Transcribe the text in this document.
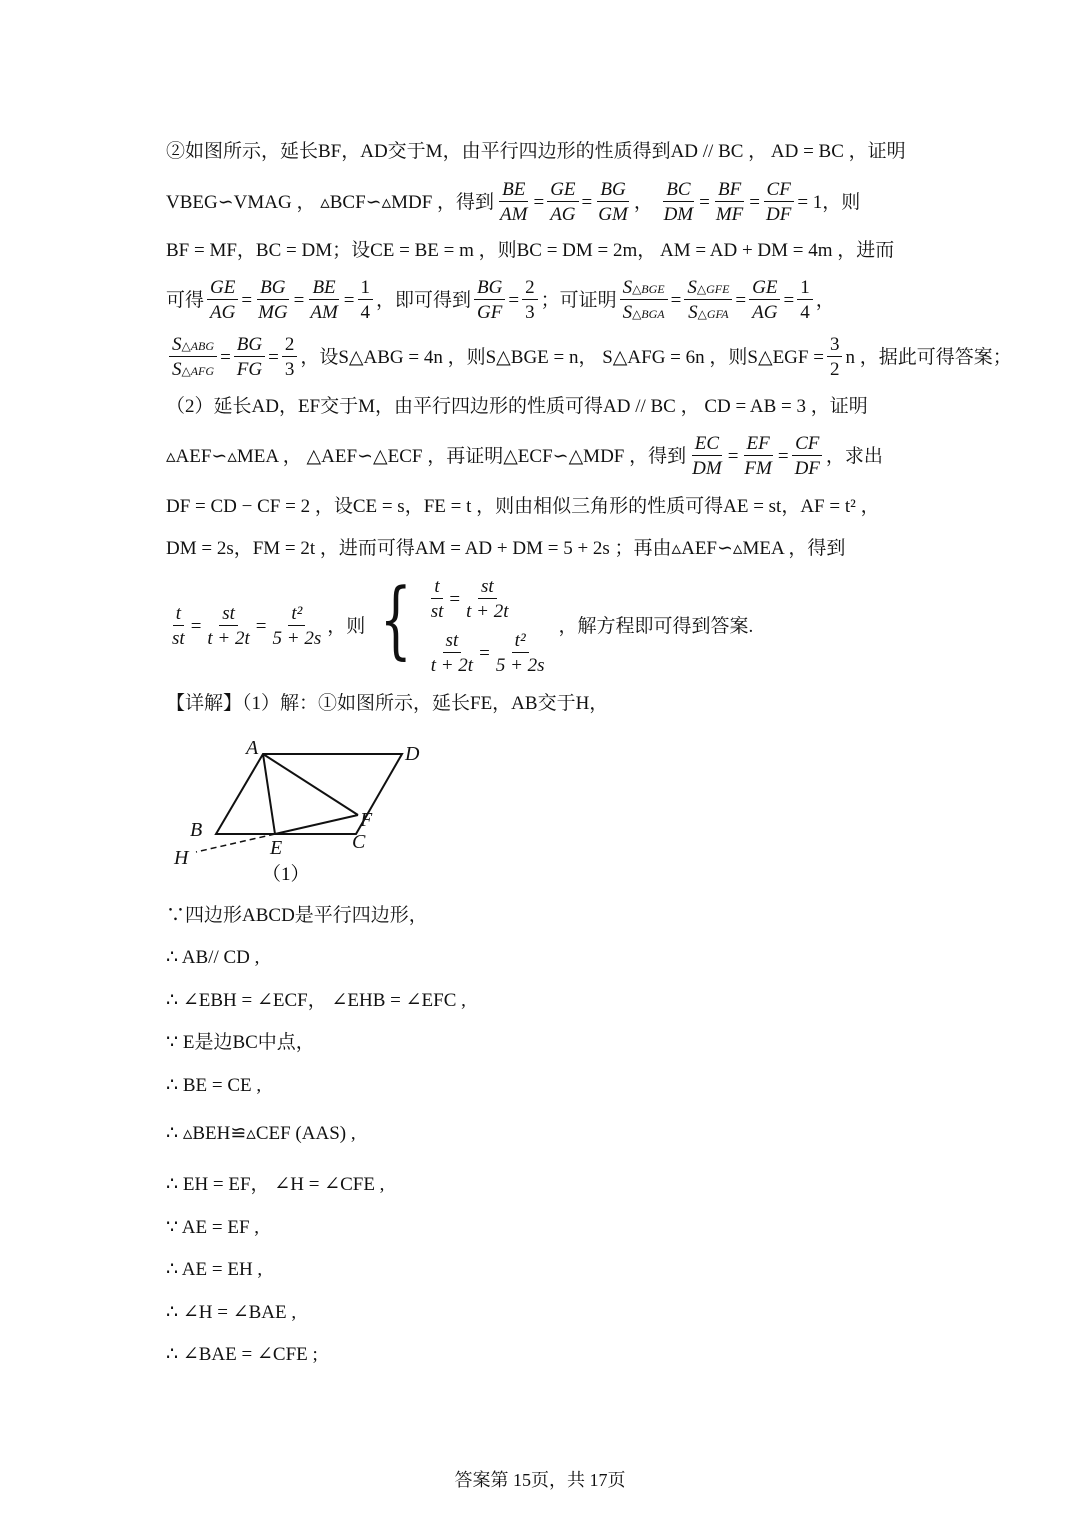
②如图所示，延长BF，AD交于M，由平行四边形的性质得到AD // BC ， AD = BC ，证明
VBEG∽VMAG ， ▵BCF∽▵MDF ，得到 $\frac{BE}{AM} = \frac{GE}{AG} = \frac{BG}{GM}$ ， $\frac{BC}{DM} = \frac{BF}{MF} = \frac{CF}{DF} = 1$，则
BF = MF，BC = DM；设CE = BE = m ，则BC = DM = 2m， AM = AD + DM = 4m ，进而
可得 $\frac{GE}{AG} = \frac{BG}{MG} = \frac{BE}{AM} = \frac{1}{4}$ ，即可得到 $\frac{BG}{GF} = \frac{2}{3}$ ；可证明 $\frac{\text{S△BGE}}{\text{S△BGA}} = \frac{\text{S△GFE}}{\text{S△GFA}} = \frac{GE}{AG} = \frac{1}{4}$ ，
$\frac{\text{S△ABG}}{\text{S△AFG}} = \frac{BG}{FG} = \frac{2}{3}$ ，设S△ABG = 4n ，则S△BGE = n， S△AFG = 6n ，则S△EGF = $\frac{3}{2}$ n ，据此可得答案；
（2）延长AD，EF交于M，由平行四边形的性质可得AD // BC ， CD = AB = 3 ，证明
▵AEF∽▵MEA ， △AEF∽△ECF ，再证明△ECF∽△MDF ，得到 $\frac{EC}{DM} = \frac{EF}{FM} = \frac{CF}{DF}$ ，求出
DF = CD − CF = 2 ，设CE = s，FE = t ，则由相似三角形的性质可得AE = st，AF = t² ，
DM = 2s，FM = 2t ，进而可得AM = AD + DM = 5 + 2s ；再由▵AEF∽▵MEA ，得到
$\frac{t}{st} = \frac{st}{t + 2t} = \frac{\text{t²}}{5 + 2s}$ ，则 { $\frac{t}{st} = \frac{st}{t + 2t}$
$\frac{st}{t + 2t} = \frac{\text{t²}}{5 + 2s}$
，解方程即可得到答案.
【详解】（1）解：①如图所示，延长FE，AB交于H，
A	D
B
H	E
F
C
（1）
∵四边形ABCD是平行四边形，
∴ AB// CD ,
∴ ∠EBH = ∠ECF， ∠EHB = ∠EFC ,
∵ E是边BC中点，
∴ BE = CE ,
∴ ▵BEH≌▵CEF (AAS) ,
∴ EH = EF， ∠H = ∠CFE ,
∵ AE = EF ,
∴ AE = EH ,
∴ ∠H = ∠BAE ,
∴ ∠BAE = ∠CFE ;
答案第 15页，共 17页
